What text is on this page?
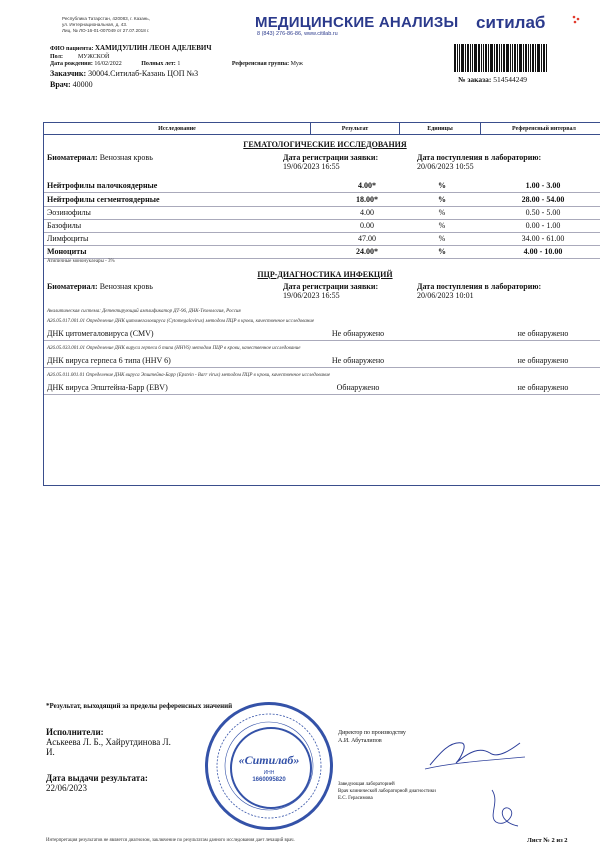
Республика Татарстан, 420083, г. Казань,
ул. Интернациональная, д. 43.
Лиц. № ЛО-16-01-007049 от 27.07.2018 г.	МЕДИЦИНСКИЕ АНАЛИЗЫ
8 (843) 276-86-86, www.citilab.ru
ситилаб
ФИО пациента: ХАМИДУЛЛИН ЛЕОН АДЕЛЕВИЧ
Пол:	МУЖСКОЙ
Дата рождения: 16/02/2022	Полных лет: 1	Референсная группа: Муж
Заказчик: 30004.Ситилаб-Казань ЦОП №3
Врач: 40000
№ заказа: 514544249
Исследование	Результат	Единицы	Референсный интервал
ГЕМАТОЛОГИЧЕСКИЕ ИССЛЕДОВАНИЯ
Биоматериал: Венозная кровь	Дата регистрации заявки:
19/06/2023 16:55
Дата поступления в лабораторию:
20/06/2023 10:55
Нейтрофилы палочкоядерные	4.00*	%	1.00 - 3.00
Нейтрофилы сегментоядерные	18.00*	%	28.00 - 54.00
Эозинофилы	4.00	%	0.50 - 5.00
Базофилы	0.00	%	0.00 - 1.00
Лимфоциты	47.00	%	34.00 - 61.00
Моноциты	24.00*	%	4.00 - 10.00
Атипичные мононуклеары - 3%
ПЦР-ДИАГНОСТИКА ИНФЕКЦИЙ
Биоматериал: Венозная кровь	Дата регистрации заявки:
19/06/2023 16:55
Дата поступления в лабораторию:
20/06/2023 10:01
Аналитическая система: Детектирующий амплификатор ДТ-96, ДНК-Технология, Россия
A26.05.017.001.01 Определение ДНК цитомегаловируса (Cytomegalovirus) методом ПЦР в крови, качественное исследование
ДНК цитомегаловируса (CMV)	Не обнаружено	не обнаружено
A26.05.033.001.01 Определение ДНК вируса герпеса 6 типа (HHV6) методом ПЦР в крови, качественное исследование
ДНК вируса герпеса 6 типа (HHV 6)	Не обнаружено	не обнаружено
A26.05.011.001.01 Определение ДНК вируса Эпштейна-Барр (Epstein - Barr virus) методом ПЦР в крови, качественное исследование
ДНК вируса Эпштейна-Барр (EBV)	Обнаружено	не обнаружено
*Результат, выходящий за пределы референсных значений
Исполнители:
Аськеева Л. Б., Хайрутдинова Л.
И.
Дата выдачи результата:
22/06/2023
«Ситилаб»
ИНН
1660095820
Директор по производству
А.И. Абуталипов
Заведующая лабораторией
Врач клинической лабораторной диагностики
Е.С. Герасимова
Интерпретация результатов не является диагнозом, заключение по результатам данного исследования дает лечащий врач.	Лист № 2 из 2
